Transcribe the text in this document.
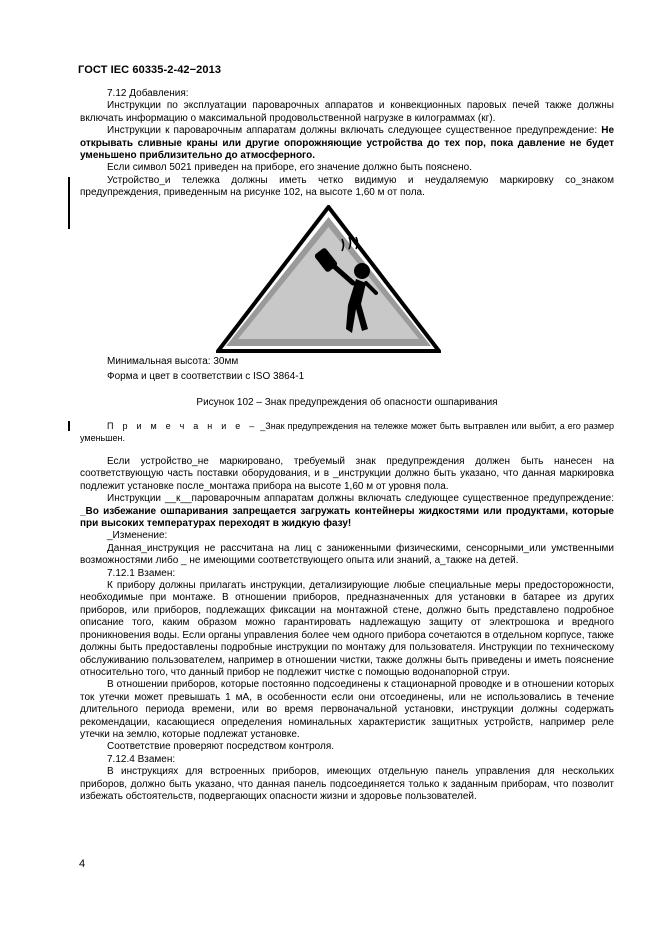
ГОСТ IEC 60335-2-42−2013

7.12 Добавления:

Инструкции по эксплуатации пароварочных аппаратов и конвекционных паровых печей также должны включать информацию о максимальной продовольственной нагрузке в килограммах (кг).

Инструкции к пароварочным аппаратам должны включать следующее существенное предупреждение: Не открывать сливные краны или другие опорожняющие устройства до тех пор, пока давление не будет уменьшено приблизительно до атмосферного.

Если символ 5021 приведен на приборе, его значение должно быть пояснено.

Устройство_и тележка должны иметь четко видимую и неудаляемую маркировку со_знаком предупреждения, приведенным на рисунке 102, на высоте 1,60 м от пола.

Минимальная высота: 30мм
Форма и цвет в соответствии с ISO 3864-1
Рисунок 102 – Знак предупреждения об опасности ошпаривания

П р и м е ч а н и е – _Знак предупреждения на тележке может быть вытравлен или выбит, а его размер уменьшен.

Если устройство_не маркировано, требуемый знак предупреждения должен быть нанесен на соответствующую часть поставки оборудования, и в _инструкции должно быть указано, что данная маркировка подлежит установке после_монтажа прибора на высоте 1,60 м от уровня пола.

Инструкции __к__пароварочным аппаратам должны включать следующее существенное предупреждение: _Во избежание ошпаривания запрещается загружать контейнеры жидкостями или продуктами, которые при высоких температурах переходят в жидкую фазу!

_Изменение:

Данная_инструкция не рассчитана на лиц с заниженными физическими, сенсорными_или умственными возможностями либо _ не имеющими соответствующего опыта или знаний, а_также на детей.

7.12.1 Взамен:

К прибору должны прилагать инструкции, детализирующие любые специальные меры предосторожности, необходимые при монтаже. В отношении приборов, предназначенных для установки в батарее из других приборов, или приборов, подлежащих фиксации на монтажной стене, должно быть представлено подробное описание того, каким образом можно гарантировать надлежащую защиту от электрошока и вредного проникновения воды. Если органы управления более чем одного прибора сочетаются в отдельном корпусе, также должны быть предоставлены подробные инструкции по монтажу для пользователя. Инструкции по техническому обслуживанию пользователем, например в отношении чистки, также должны быть приведены и иметь пояснение относительно того, что данный прибор не подлежит чистке с помощью водонапорной струи.

В отношении приборов, которые постоянно подсоединены к стационарной проводке и в отношении которых ток утечки может превышать 1 мА, в особенности если они отсоединены, или не использовались в течение длительного периода времени, или во время первоначальной установки, инструкции должны содержать рекомендации, касающиеся определения номинальных характеристик защитных устройств, например реле утечки на землю, которые подлежат установке.

Соответствие проверяют посредством контроля.

7.12.4 Взамен:

В инструкциях для встроенных приборов, имеющих отдельную панель управления для нескольких приборов, должно быть указано, что данная панель подсоединяется только к заданным приборам, что позволит избежать обстоятельств, подвергающих опасности жизни и здоровье пользователей.

4
